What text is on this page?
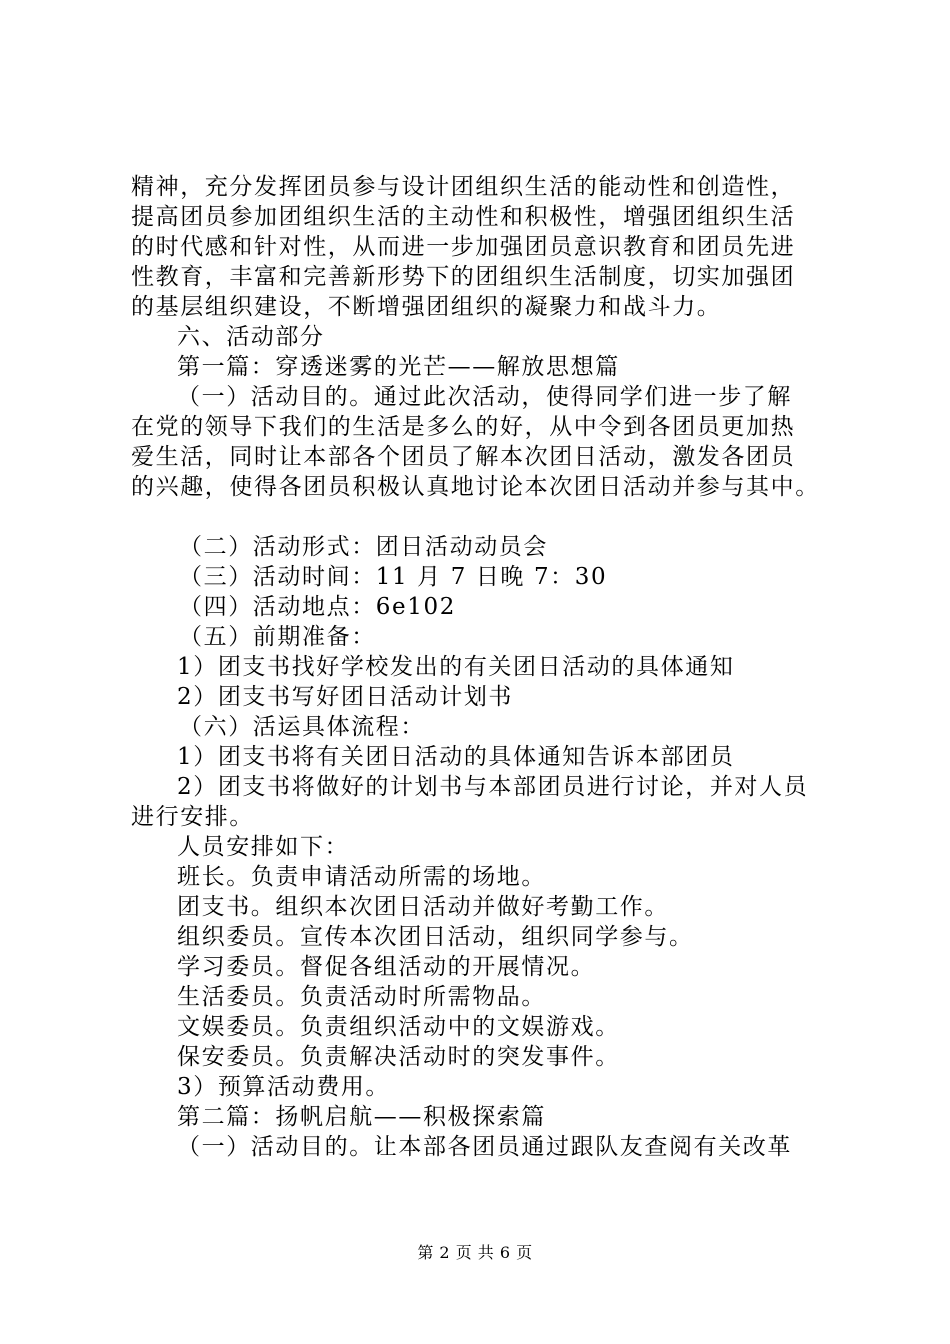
精神，充分发挥团员参与设计团组织生活的能动性和创造性，
提高团员参加团组织生活的主动性和积极性，增强团组织生活
的时代感和针对性，从而进一步加强团员意识教育和团员先进
性教育，丰富和完善新形势下的团组织生活制度，切实加强团
的基层组织建设，不断增强团组织的凝聚力和战斗力。
六、活动部分
第一篇：穿透迷雾的光芒——解放思想篇
（一）活动目的。通过此次活动，使得同学们进一步了解
在党的领导下我们的生活是多么的好，从中令到各团员更加热
爱生活，同时让本部各个团员了解本次团日活动，激发各团员
的兴趣，使得各团员积极认真地讨论本次团日活动并参与其中。
（二）活动形式：团日活动动员会
（三）活动时间：11 月 7 日晚 7：30
（四）活动地点：6e102
（五）前期准备：
1）团支书找好学校发出的有关团日活动的具体通知
2）团支书写好团日活动计划书
（六）活运具体流程：
1）团支书将有关团日活动的具体通知告诉本部团员
2）团支书将做好的计划书与本部团员进行讨论，并对人员
进行安排。
人员安排如下：
班长。负责申请活动所需的场地。
团支书。组织本次团日活动并做好考勤工作。
组织委员。宣传本次团日活动，组织同学参与。
学习委员。督促各组活动的开展情况。
生活委员。负责活动时所需物品。
文娱委员。负责组织活动中的文娱游戏。
保安委员。负责解决活动时的突发事件。
3）预算活动费用。
第二篇：扬帆启航——积极探索篇
（一）活动目的。让本部各团员通过跟队友查阅有关改革
第 2 页 共 6 页
